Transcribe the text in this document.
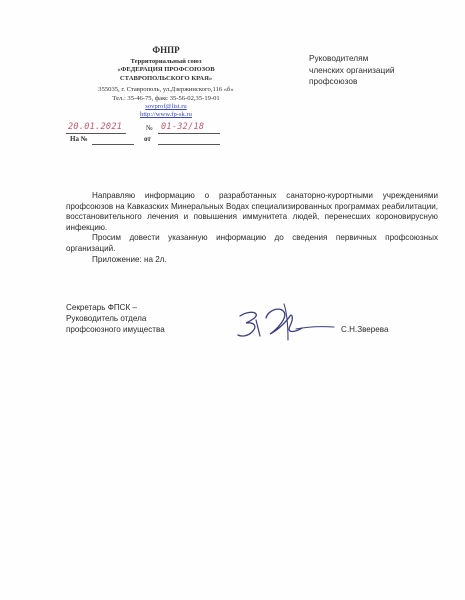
ФНПР
Территориальный союз
«ФЕДЕРАЦИЯ ПРОФСОЮЗОВ
СТАВРОПОЛЬСКОГО КРАЯ»
355035, г. Ставрополь, ул.Дзержинского,116 «б»
Тел.: 35-46-75, факс 35-56-02,35-19-01
sovprof@list.ru
http://www.fp-sk.ru
20.01.2021	№ 01-32/18
На №	от
Руководителям
членских организаций
профсоюзов

Направляю информацию о разработанных санаторно-курортными учреждениями профсоюзов на Кавказских Минеральных Водах специализированных программах реабилитации, восстановительного лечения и повышения иммунитета людей, перенесших короновирусную инфекцию.

Просим довести указанную информацию до сведения первичных профсоюзных организаций.

Приложение: на 2л.

Секретарь ФПСК –
Руководитель отдела
профсоюзного имущества	С.Н.Зверева
